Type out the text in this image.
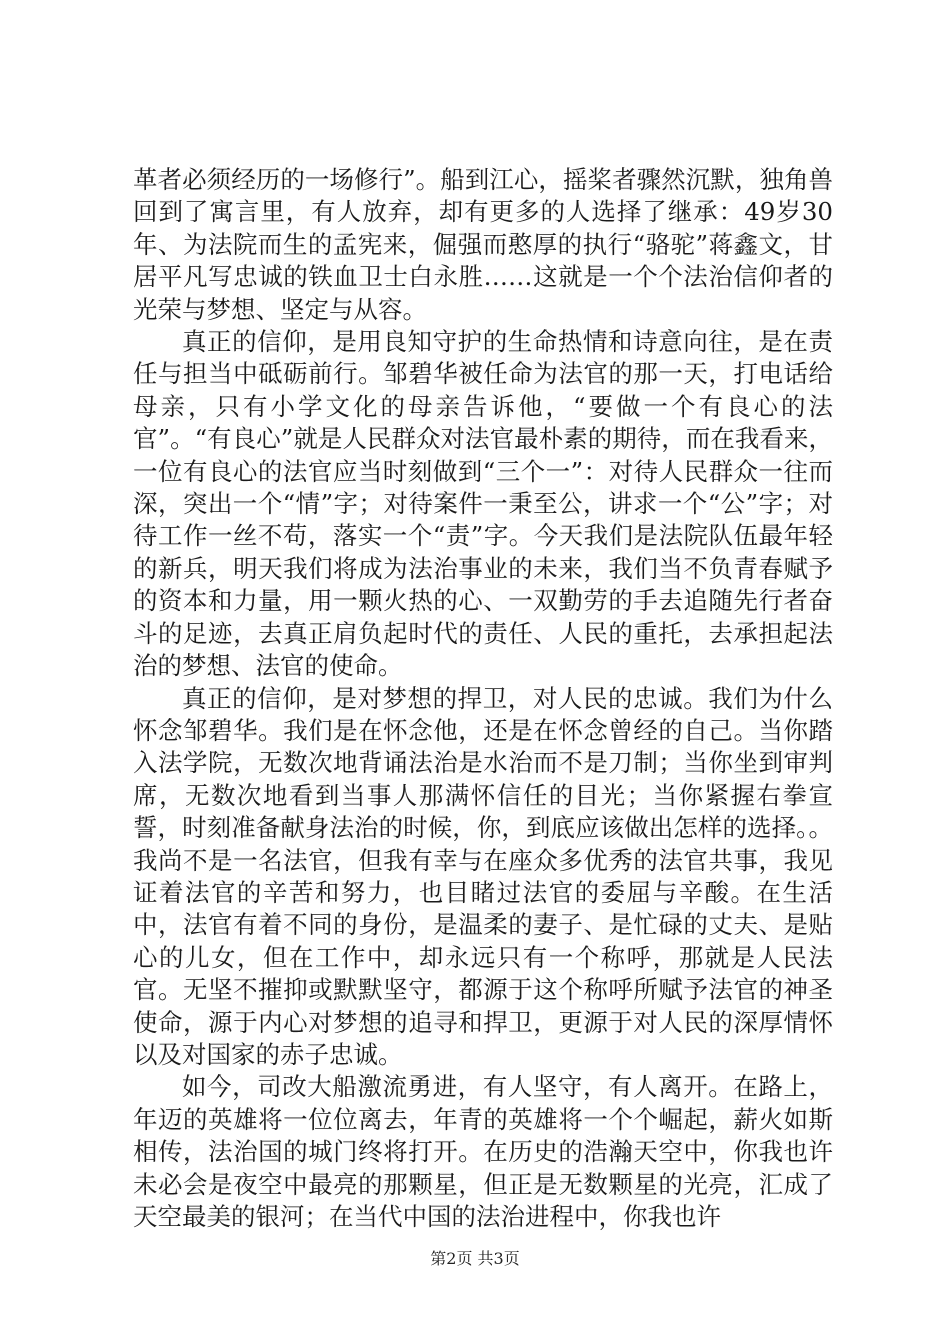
革者必须经历的一场修行”。船到江心，摇桨者骤然沉默，独角兽回到了寓言里，有人放弃，却有更多的人选择了继承：49岁30年、为法院而生的孟宪来，倔强而憨厚的执行“骆驼”蒋鑫文，甘居平凡写忠诚的铁血卫士白永胜……这就是一个个法治信仰者的光荣与梦想、坚定与从容。

真正的信仰，是用良知守护的生命热情和诗意向往，是在责任与担当中砥砺前行。邹碧华被任命为法官的那一天，打电话给母亲，只有小学文化的母亲告诉他，“要做一个有良心的法官”。“有良心”就是人民群众对法官最朴素的期待，而在我看来，一位有良心的法官应当时刻做到“三个一”：对待人民群众一往而深，突出一个“情”字；对待案件一秉至公，讲求一个“公”字；对待工作一丝不苟，落实一个“责”字。今天我们是法院队伍最年轻的新兵，明天我们将成为法治事业的未来，我们当不负青春赋予的资本和力量，用一颗火热的心、一双勤劳的手去追随先行者奋斗的足迹，去真正肩负起时代的责任、人民的重托，去承担起法治的梦想、法官的使命。

真正的信仰，是对梦想的捍卫，对人民的忠诚。我们为什么怀念邹碧华。我们是在怀念他，还是在怀念曾经的自己。当你踏入法学院，无数次地背诵法治是水治而不是刀制；当你坐到审判席，无数次地看到当事人那满怀信任的目光；当你紧握右拳宣誓，时刻准备献身法治的时候，你，到底应该做出怎样的选择。。我尚不是一名法官，但我有幸与在座众多优秀的法官共事，我见证着法官的辛苦和努力，也目睹过法官的委屈与辛酸。在生活中，法官有着不同的身份，是温柔的妻子、是忙碌的丈夫、是贴心的儿女，但在工作中，却永远只有一个称呼，那就是人民法官。无坚不摧抑或默默坚守，都源于这个称呼所赋予法官的神圣使命，源于内心对梦想的追寻和捍卫，更源于对人民的深厚情怀以及对国家的赤子忠诚。

如今，司改大船激流勇进，有人坚守，有人离开。在路上，年迈的英雄将一位位离去，年青的英雄将一个个崛起，薪火如斯相传，法治国的城门终将打开。在历史的浩瀚天空中，你我也许未必会是夜空中最亮的那颗星，但正是无数颗星的光亮，汇成了天空最美的银河；在当代中国的法治进程中，你我也许

第2页 共3页
